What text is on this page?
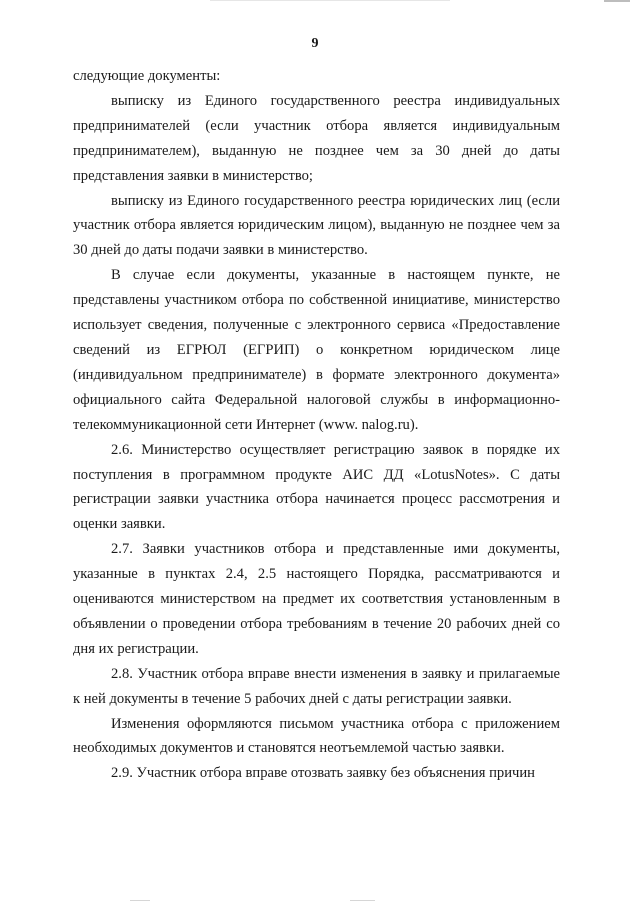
9

следующие документы:

выписку из Единого государственного реестра индивидуальных предпринимателей (если участник отбора является индивидуальным предпринимателем), выданную не позднее чем за 30 дней до даты представления заявки в министерство;

выписку из Единого государственного реестра юридических лиц (если участник отбора является юридическим лицом), выданную не позднее чем за 30 дней до даты подачи заявки в министерство.

В случае если документы, указанные в настоящем пункте, не представлены участником отбора по собственной инициативе, министерство использует сведения, полученные с электронного сервиса «Предоставление сведений из ЕГРЮЛ (ЕГРИП) о конкретном юридическом лице (индивидуальном предпринимателе) в формате электронного документа» официального сайта Федеральной налоговой службы в информационно-телекоммуникационной сети Интернет (www. nalog.ru).

2.6. Министерство осуществляет регистрацию заявок в порядке их поступления в программном продукте АИС ДД «LotusNotes». С даты регистрации заявки участника отбора начинается процесс рассмотрения и оценки заявки.

2.7. Заявки участников отбора и представленные ими документы, указанные в пунктах 2.4, 2.5 настоящего Порядка, рассматриваются и оцениваются министерством на предмет их соответствия установленным в объявлении о проведении отбора требованиям в течение 20 рабочих дней со дня их регистрации.

2.8. Участник отбора вправе внести изменения в заявку и прилагаемые к ней документы в течение 5 рабочих дней с даты регистрации заявки.

Изменения оформляются письмом участника отбора с приложением необходимых документов и становятся неотъемлемой частью заявки.

2.9. Участник отбора вправе отозвать заявку без объяснения причин
